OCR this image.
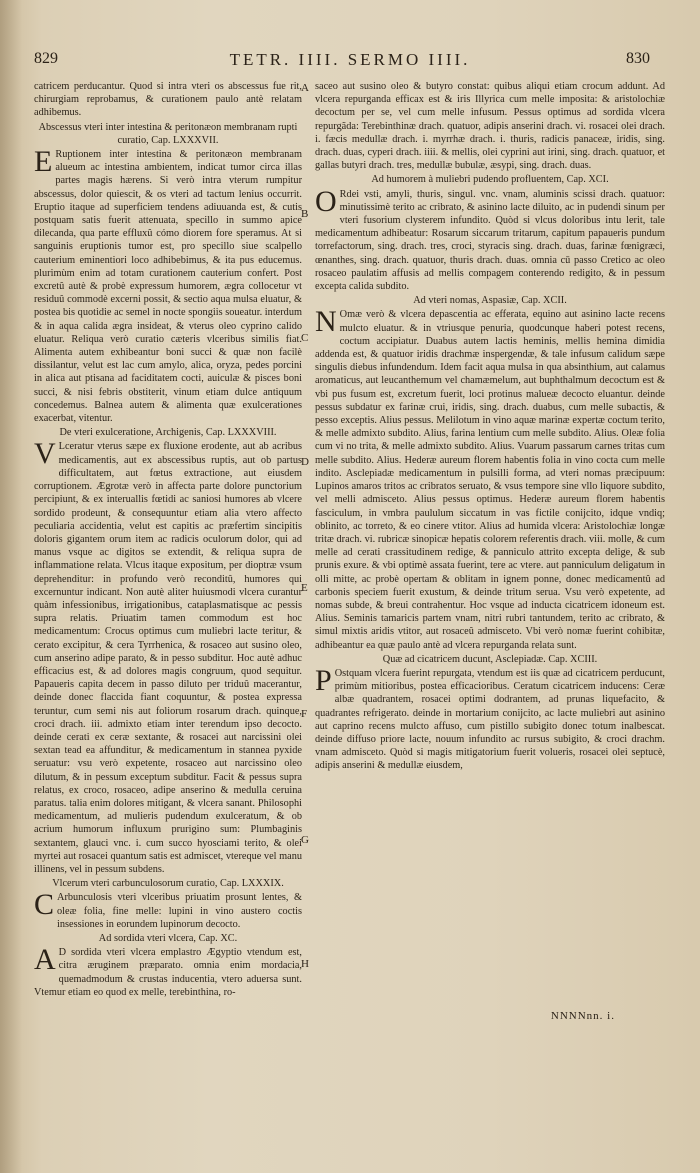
829	TETR. IIII. SERMO IIII.	830

catricem perducantur. Quod si intra vteri os abscessus fue rit, chirurgiam reprobamus, & curationem paulo antè relatam adhibemus.

Abscessus vteri inter intestina & peritonæon membranam rupti curatio, Cap. LXXXVII.

E Ruptionem inter intestina & peritonæon membranam alueum ac intestina ambientem, indicat tumor circa illas partes magis hærens. Si verò intra vterum rumpitur abscessus, dolor quiescit, & os vteri ad tactum lenius occurrit. Eruptio itaque ad superficiem tendens adiuuanda est, & cutis postquam satis fuerit attenuata, specillo in summo apice dilecanda, qua parte effluxû cómo diorem fore speramus. At si sanguinis eruptionis tumor est, pro specillo siue scalpello cauterium eminentiori loco adhibebimus, & ita pus educemus. plurimùm enim ad totam curationem cauterium confert. Post excretû autè & probè expressum humorem, ægra collocetur vt residuû commodè excerni possit, & sectio aqua mulsa eluatur, & postea bis quotidie ac semel in nocte spongiis soueatur. interdum & in aqua calida ægra insideat, & vterus oleo cyprino calido eluatur. Reliqua verò curatio cæteris vlceribus similis fiat. Alimenta autem exhibeantur boni succi & quæ non facilè dissilantur, velut est lac cum amylo, alica, oryza, pedes porcini in alica aut ptisana ad faciditatem cocti, auiculæ & pisces boni succi, & nisi febris obstiterit, vinum etiam dulce antiquum concedemus. Balnea autem & alimenta quæ exulcerationes exacerbat, vitentur.

De vteri exulceratione, Archigenis, Cap. LXXXVIII.

V Lceratur vterus sæpe ex fluxione erodente, aut ab acribus medicamentis, aut ex abscessibus ruptis, aut ob partus difficultatem, aut fœtus extractione, aut eiusdem corruptionem. Ægrotæ verò in affecta parte dolore punctorium percipiunt, & ex interuallis fœtidi ac saniosi humores ab vlcere sordido prodeunt, & consequuntur etiam alia vtero affecto peculiaria accidentia, velut est capitis ac præfertim sincipitis doloris gigantem orum item ac radicis oculorum dolor, qui ad manus vsque ac digitos se extendit, & reliqua supra de inflammatione relata. Vlcus itaque expositum, per dioptræ vsum deprehenditur: in profundo verò reconditû, humores qui excernuntur indicant. Non autè aliter huiusmodi vlcera curantur quàm infessionibus, irrigationibus, cataplasmatisque ac pessis supra relatis. Priuatim tamen commodum est hoc medicamentum: Crocus optimus cum muliebri lacte teritur, & cerato excipitur, & cera Tyrrhenica, & rosaceo aut susino oleo, cum anserino adipe parato, & in pesso subditur. Hoc autè adhuc efficacius est, & ad dolores magis congruum, quod sequitur. Papaueris capita decem in passo diluto per triduû macerantur, deinde donec flaccida fiant coquuntur, & postea expressa teruntur, cum semi nis aut foliorum rosarum drach. quinque, croci drach. iii. admixto etiam inter terendum ipso decocto. deinde cerati ex ceræ sextante, & rosacei aut narcissini olei sextan tead ea affunditur, & medicamentum in stannea pyxide seruatur: vsu verò expetente, rosaceo aut narcissino oleo dilutum, & in pessum exceptum subditur. Facit & pessus supra relatus, ex croco, rosaceo, adipe anserino & medulla ceruina paratus. talia enim dolores mitigant, & vlcera sanant. Philosophi medicamentum, ad mulieris pudendum exulceratum, & ob acrium humorum influxum prurigino sum: Plumbaginis sextantem, glauci vnc. i. cum succo hyosciami terito, & olei myrtei aut rosacei quantum satis est admiscet, vtereque vel manu illinens, vel in pessum subdens.

Vlcerum vteri carbunculosorum curatio, Cap. LXXXIX.

C Arbunculosis vteri vlceribus priuatim prosunt lentes, & oleæ folia, fine melle: lupini in vino austero coctis insessiones in eorundem lupinorum decocto.

Ad sordida vteri vlcera, Cap. XC.

A D sordida vteri vlcera emplastro Ægyptio vtendum est, citra æruginem præparato. omnia enim mordacia, quemadmodum & crustas inducentia, vtero aduersa sunt. Vtemur etiam eo quod ex melle, terebinthina, ro-

saceo aut susino oleo & butyro constat: quibus aliqui etiam crocum addunt. Ad vlcera repurganda efficax est & iris Illyrica cum melle imposita: & aristolochiæ decoctum per se, vel cum melle infusum. Pessus optimus ad sordida vlcera repurgãda: Terebinthinæ drach. quatuor, adipis anserini drach. vi. rosacei olei drach. i. fæcis medullæ drach. i. myrrhæ drach. i. thuris, radicis panaceæ, iridis, sing. drach. duas, cyperi drach. iiii. & mellis, olei cyprini aut irini, sing. drach. quatuor, et gallas butyri drach. tres, medullæ bubulæ, æsypi, sing. drach. duas.

Ad humorem à muliebri pudendo profluentem, Cap. XCI.

O Rdei vsti, amyli, thuris, singul. vnc. vnam, aluminis scissi drach. quatuor: minutissimè terito ac cribrato, & asinino lacte diluito, ac in pudendi sinum per vteri fusorium clysterem infundito. Quòd si vlcus doloribus intu lerit, tale medicamentum adhibeatur: Rosarum siccarum tritarum, capitum papaueris pundum torrefactorum, sing. drach. tres, croci, styracis sing. drach. duas, farinæ fœnigræci, œnanthes, sing. drach. quatuor, thuris drach. duas. omnia cū passo Cretico ac oleo rosaceo paulatim affusis ad mellis compagem conterendo redigito, & in pessum excepta calida subdito.

Ad vteri nomas, Aspasiæ, Cap. XCII.

N Omæ verò & vlcera depascentia ac efferata, equino aut asinino lacte recens mulcto eluatur. & in vtriusque penuria, quodcunque haberi potest recens, coctum accipiatur. Duabus autem lactis heminis, mellis hemina dimidia addenda est, & quatuor iridis drachmæ inspergendæ, & tale infusum calidum sæpe singulis diebus infundendum. Idem facit aqua mulsa in qua absinthium, aut calamus aromaticus, aut leucanthemum vel chamæmelum, aut buphthalmum decoctum est & vbi pus fusum est, excretum fuerit, loci protinus malueæ decocto eluantur. deinde pessus subdatur ex farinæ crui, iridis, sing. drach. duabus, cum melle subactis, & pesso exceptis. Alius pessus. Melilotum in vino aquæ marinæ expertæ coctum terito, & melle admixto subdito. Alius, farina lentium cum melle subdito. Alius. Oleæ folia cum vi no trita, & melle admixto subdito. Alius. Vuarum passarum carnes tritas cum melle subdito. Alius. Hederæ aureum florem habentis folia in vino cocta cum melle indito. Asclepiadæ medicamentum in pulsilli forma, ad vteri nomas præcipuum: Lupinos amaros tritos ac cribratos seruato, & vsus tempore sine vllo liquore subdito, vel melli admisceto. Alius pessus optimus. Hederæ aureum florem habentis fasciculum, in vmbra paululum siccatum in vas fictile conijcito, idque vndiq; oblinito, ac torreto, & eo cinere vtitor. Alius ad humida vlcera: Aristolochiæ longæ tritæ drach. vi. rubricæ sinopicæ hepatis colorem referentis drach. viii. molle, & cum melle ad cerati crassitudinem redige, & panniculo attrito excepta delige, & sub prunis exure. & vbi optimè assata fuerint, tere ac vtere. aut panniculum deligatum in olli mitte, ac probè opertam & oblitam in ignem ponne, donec medicamentû ad carbonis speciem fuerit exustum, & deinde tritum serua. Vsu verò expetente, ad nomas subde, & breui contrahentur. Hoc vsque ad inducta cicatricem idoneum est. Alius. Seminis tamaricis partem vnam, nitri rubri tantundem, terito ac cribrato, & simul mixtis aridis vtitor, aut rosaceû admisceto. Vbi verò nomæ fuerint cohibitæ, adhibeantur ea quæ paulo antè ad vlcera repurganda relata sunt.

Quæ ad cicatricem ducunt, Asclepiadæ. Cap. XCIII.

P Ostquam vlcera fuerint repurgata, vtendum est iis quæ ad cicatricem perducunt, primùm mitioribus, postea efficacioribus. Ceratum cicatricem inducens: Ceræ albæ quadrantem, rosacei optimi dodrantem, ad prunas liquefacito, & quadrantes refrigerato. deinde in mortarium conijcito, ac lacte muliebri aut asinino aut caprino recens mulcto affuso, cum pistillo subigito donec totum inalbescat. deinde diffuso priore lacte, nouum infundito ac rursus subigito, & croci drachm. vnam admisceto. Quòd si magis mitigatorium fuerit volueris, rosacei olei septucè, adipis anserini & medullæ eiusdem,

A
B
C
D
E
F
G
H
NNNNnn. i.
